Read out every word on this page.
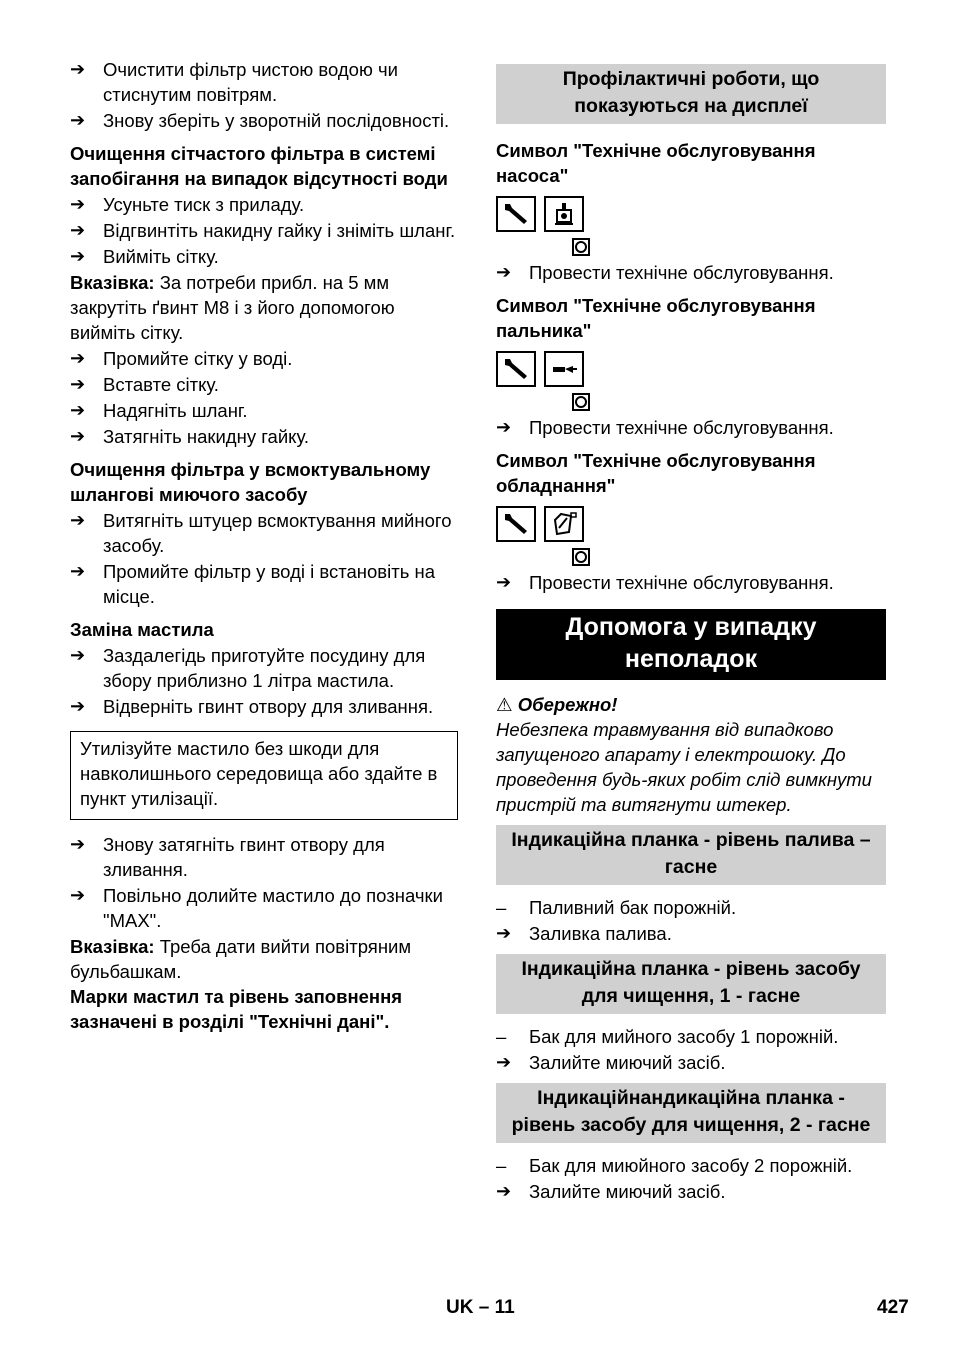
➔ Очистити фільтр чистою водою чи стиснутим повітрям.
➔ Знову зберіть у зворотній послідовності.

Очищення сітчастого фільтра в системі запобігання на випадок відсутності води

➔ Усуньте тиск з приладу.
➔ Відгвинтіть накидну гайку і зніміть шланг.
➔ Вийміть сітку.

Вказівка: За потреби прибл. на 5 мм закрутіть ґвинт M8 і з його допомогою вийміть сітку.

➔ Промийте сітку у воді.
➔ Вставте сітку.
➔ Надягніть шланг.
➔ Затягніть накидну гайку.

Очищення фільтра у всмоктувальному шлангові миючого засобу

➔ Витягніть штуцер всмоктування мийного засобу.
➔ Промийте фільтр у воді і встановіть на місце.

Заміна мастила

➔ Заздалегідь приготуйте посудину для збору приблизно 1 літра мастила.
➔ Відверніть гвинт отвору для зливання.
Утилізуйте мастило без шкоди для навколишнього середовища або здайте в пункт утилізації.
➔ Знову затягніть гвинт отвору для зливання.
➔ Повільно долийте мастило до позначки "MAX".

Вказівка: Треба дати вийти повітряним бульбашкам.

Марки мастил та рівень заповнення зазначені в розділі "Технічні дані".

Профілактичні роботи, що показуються на дисплеї

Символ "Технічне обслуговування насоса"

➔ Провести технічне обслуговування.

Символ "Технічне обслуговування пальника"

➔ Провести технічне обслуговування.

Символ "Технічне обслуговування обладнання"

➔ Провести технічне обслуговування.
Допомога у випадку неполадок

⚠ Обережно!

Небезпека травмування від випадково запущеного апарату і електрошоку. До проведення будь-яких робіт слід вимкнути пристрій та витягнути штекер.

Індикаційна планка - рівень палива – гасне
–	Паливний бак порожній.
➔ Заливка палива.
Індикаційна планка - рівень засобу для чищення, 1 - гасне
–	Бак для мийного засобу 1 порожній.
➔ Залийте миючий засіб.
Індикаційнандикаційна планка - рівень засобу для чищення, 2 - гасне
–	Бак для миюйного засобу 2 порожній.
➔ Залийте миючий засіб.
UK – 11	427
